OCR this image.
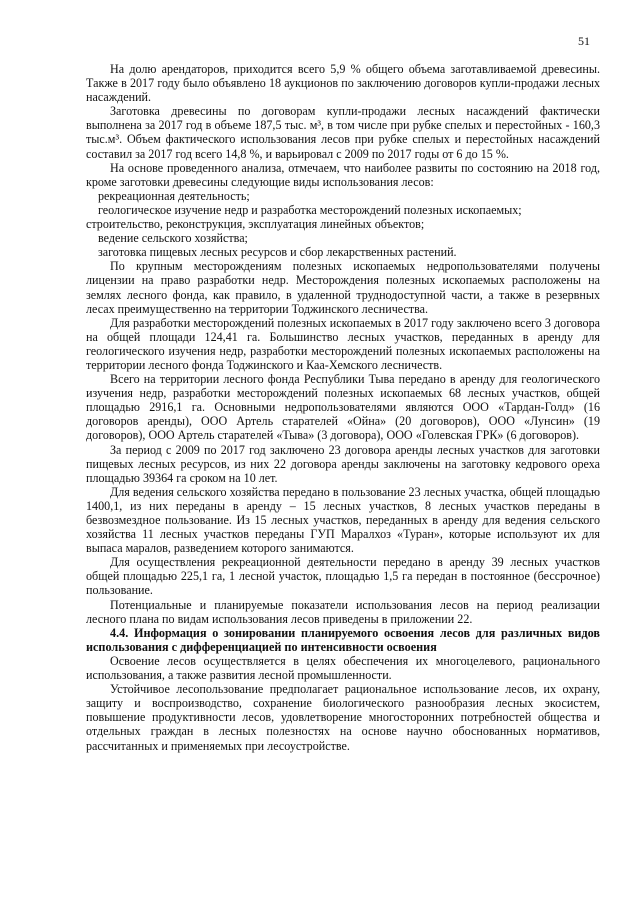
51

На долю арендаторов, приходится всего 5,9 % общего объема заготавливаемой древесины. Также в 2017 году было объявлено 18 аукционов по заключению договоров купли-продажи лесных насаждений.

Заготовка древесины по договорам купли-продажи лесных насаждений фактически выполнена за 2017 год в объеме 187,5 тыс. м³, в том числе при рубке спелых и перестойных - 160,3 тыс.м³. Объем фактического использования лесов при рубке спелых и перестойных насаждений составил за 2017 год всего 14,8 %, и варьировал с 2009 по 2017 годы от 6 до 15 %.

На основе проведенного анализа, отмечаем, что наиболее развиты по состоянию на 2018 год, кроме заготовки древесины следующие виды использования лесов:

рекреационная деятельность;

геологическое изучение недр и разработка месторождений полезных ископаемых;

строительство, реконструкция, эксплуатация линейных объектов;

ведение сельского хозяйства;

заготовка пищевых лесных ресурсов и сбор лекарственных растений.

По крупным месторождениям полезных ископаемых недропользователями получены лицензии на право разработки недр. Месторождения полезных ископаемых расположены на землях лесного фонда, как правило, в удаленной труднодоступной части, а также в резервных лесах преимущественно на территории Тоджинского лесничества.

Для разработки месторождений полезных ископаемых в 2017 году заключено всего 3 договора на общей площади 124,41 га. Большинство лесных участков, переданных в аренду для геологического изучения недр, разработки месторождений полезных ископаемых расположены на территории лесного фонда Тоджинского и Каа-Хемского лесничеств.

Всего на территории лесного фонда Республики Тыва передано в аренду для геологического изучения недр, разработки месторождений полезных ископаемых 68 лесных участков, общей площадью 2916,1 га. Основными недропользователями являются ООО «Тардан-Голд» (16 договоров аренды), ООО Артель старателей «Ойна» (20 договоров), ООО «Лунсин» (19 договоров), ООО Артель старателей «Тыва» (3 договора), ООО «Голевская ГРК» (6 договоров).

За период с 2009 по 2017 год заключено 23 договора аренды лесных участков для заготовки пищевых лесных ресурсов, из них 22 договора аренды заключены на заготовку кедрового ореха площадью 39364 га сроком на 10 лет.

Для ведения сельского хозяйства передано в пользование 23 лесных участка, общей площадью 1400,1, из них переданы в аренду – 15 лесных участков, 8 лесных участков переданы в безвозмездное пользование. Из 15 лесных участков, переданных в аренду для ведения сельского хозяйства 11 лесных участков переданы ГУП Маралхоз «Туран», которые используют их для выпаса маралов, разведением которого занимаются.

Для осуществления рекреационной деятельности передано в аренду 39 лесных участков общей площадью 225,1 га, 1 лесной участок, площадью 1,5 га передан в постоянное (бессрочное) пользование.

Потенциальные и планируемые показатели использования лесов на период реализации лесного плана по видам использования лесов приведены в приложении 22.

4.4. Информация о зонировании планируемого освоения лесов для различных видов использования с дифференциацией по интенсивности освоения

Освоение лесов осуществляется в целях обеспечения их многоцелевого, рационального использования, а также развития лесной промышленности.

Устойчивое лесопользование предполагает рациональное использование лесов, их охрану, защиту и воспроизводство, сохранение биологического разнообразия лесных экосистем, повышение продуктивности лесов, удовлетворение многосторонних потребностей общества и отдельных граждан в лесных полезностях на основе научно обоснованных нормативов, рассчитанных и применяемых при лесоустройстве.
